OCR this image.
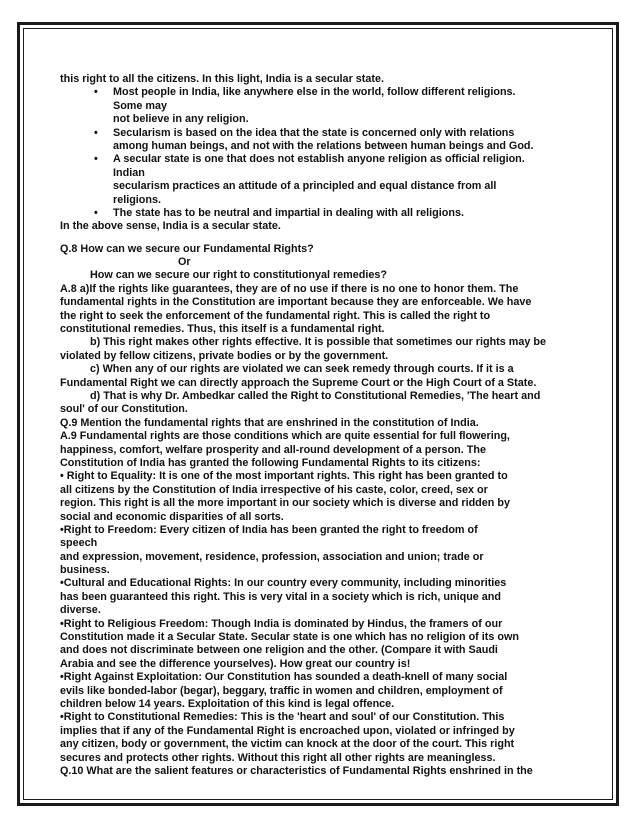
this right to all the citizens. In this light, India is a secular state.
• Most people in India, like anywhere else in the world, follow different religions.
Some may
not believe in any religion.
• Secularism is based on the idea that the state is concerned only with relations
among human beings, and not with the relations between human beings and God.
• A secular state is one that does not establish anyone religion as official religion.
Indian
secularism practices an attitude of a principled and equal distance from all
religions.
• The state has to be neutral and impartial in dealing with all religions.
In the above sense, India is a secular state.
Q.8 How can we secure our Fundamental Rights?
Or
How can we secure our right to constitutionyal remedies?
A.8 a)If the rights like guarantees, they are of no use if there is no one to honor them. The
fundamental rights in the Constitution are important because they are enforceable. We have
the right to seek the enforcement of the fundamental right. This is called the right to
constitutional remedies. Thus, this itself is a fundamental right.
b) This right makes other rights effective. It is possible that sometimes our rights may be
violated by fellow citizens, private bodies or by the government.
c) When any of our rights are violated we can seek remedy through courts. If it is a
Fundamental Right we can directly approach the Supreme Court or the High Court of a State.
d) That is why Dr. Ambedkar called the Right to Constitutional Remedies, 'The heart and
soul' of our Constitution.
Q.9 Mention the fundamental rights that are enshrined in the constitution of India.
A.9 Fundamental rights are those conditions which are quite essential for full flowering,
happiness, comfort, welfare prosperity and all-round development of a person. The
Constitution of India has granted the following Fundamental Rights to its citizens:
• Right to Equality: It is one of the most important rights. This right has been granted to
all citizens by the Constitution of India irrespective of his caste, color, creed, sex or
region. This right is all the more important in our society which is diverse and ridden by
social and economic disparities of all sorts.
•Right to Freedom: Every citizen of India has been granted the right to freedom of
speech
and expression, movement, residence, profession, association and union; trade or
business.
•Cultural and Educational Rights: In our country every community, including minorities
has been guaranteed this right. This is very vital in a society which is rich, unique and
diverse.
•Right to Religious Freedom: Though India is dominated by Hindus, the framers of our
Constitution made it a Secular State. Secular state is one which has no religion of its own
and does not discriminate between one religion and the other. (Compare it with Saudi
Arabia and see the difference yourselves). How great our country is!
•Right Against Exploitation: Our Constitution has sounded a death-knell of many social
evils like bonded-labor (begar), beggary, traffic in women and children, employment of
children below 14 years. Exploitation of this kind is legal offence.
•Right to Constitutional Remedies: This is the 'heart and soul' of our Constitution. This
implies that if any of the Fundamental Right is encroached upon, violated or infringed by
any citizen, body or government, the victim can knock at the door of the court. This right
secures and protects other rights. Without this right all other rights are meaningless.
Q.10 What are the salient features or characteristics of Fundamental Rights enshrined in the
